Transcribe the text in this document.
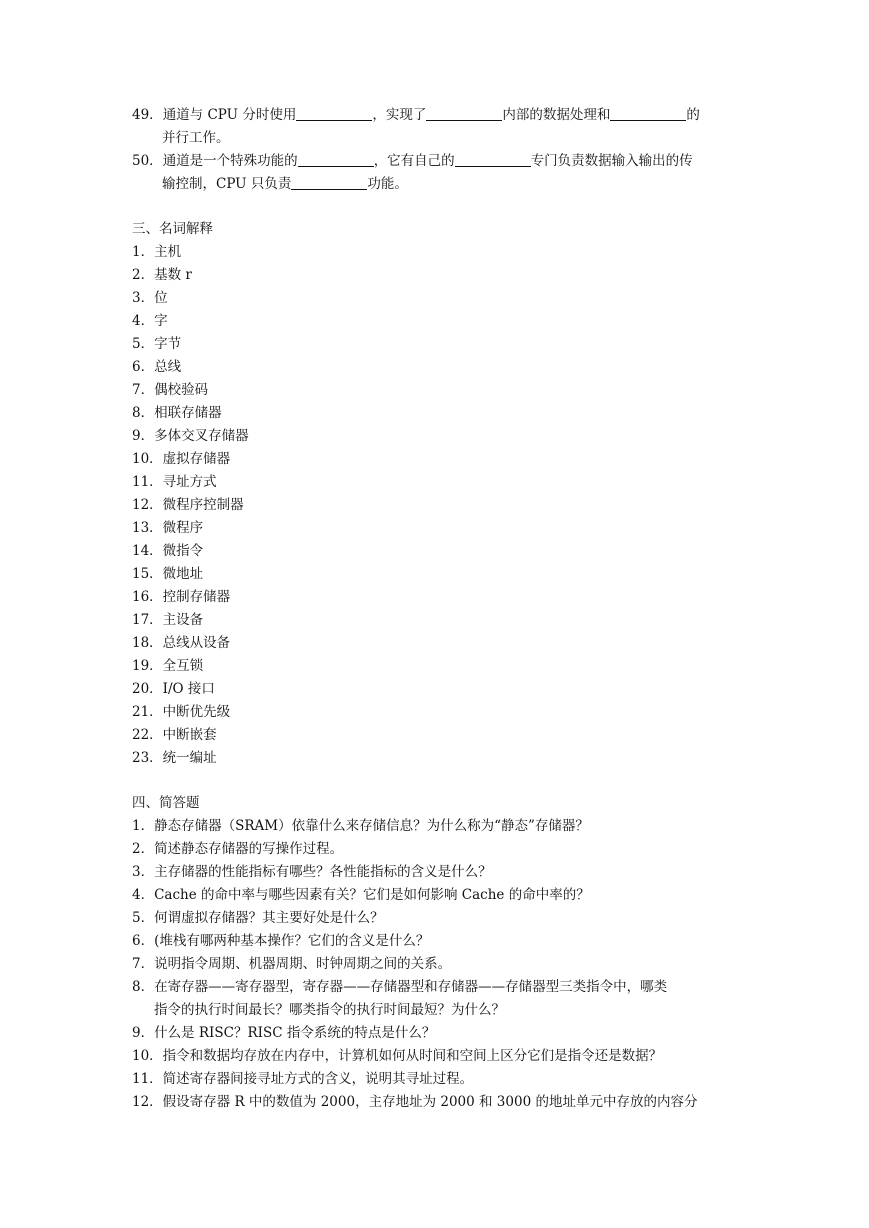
49．通道与 CPU 分时使用	，实现了	内部的数据处理和	的
并行工作。
50．通道是一个特殊功能的	，它有自己的	专门负责数据输入输出的传
输控制，CPU 只负责	功能。
三、名词解释
1．主机
2．基数 r
3．位
4．字
5．字节
6．总线
7．偶校验码
8．相联存储器
9．多体交叉存储器
10．虚拟存储器
11．寻址方式
12．微程序控制器
13．微程序
14．微指令
15．微地址
16．控制存储器
17．主设备
18．总线从设备
19．全互锁
20．I/O 接口
21．中断优先级
22．中断嵌套
23．统一编址
四、简答题
1．静态存储器（SRAM）依靠什么来存储信息？为什么称为“静态”存储器？
2．简述静态存储器的写操作过程。
3．主存储器的性能指标有哪些？各性能指标的含义是什么？
4．Cache 的命中率与哪些因素有关？它们是如何影响 Cache 的命中率的？
5．何谓虚拟存储器？其主要好处是什么？
6．(堆栈有哪两种基本操作？它们的含义是什么？
7．说明指令周期、机器周期、时钟周期之间的关系。
8．在寄存器——寄存器型，寄存器——存储器型和存储器——存储器型三类指令中，哪类
指令的执行时间最长？哪类指令的执行时间最短？为什么？
9．什么是 RISC？RISC 指令系统的特点是什么？
10．指令和数据均存放在内存中，计算机如何从时间和空间上区分它们是指令还是数据？
11．简述寄存器间接寻址方式的含义，说明其寻址过程。
12．假设寄存器 R 中的数值为 2000，主存地址为 2000 和 3000 的地址单元中存放的内容分
